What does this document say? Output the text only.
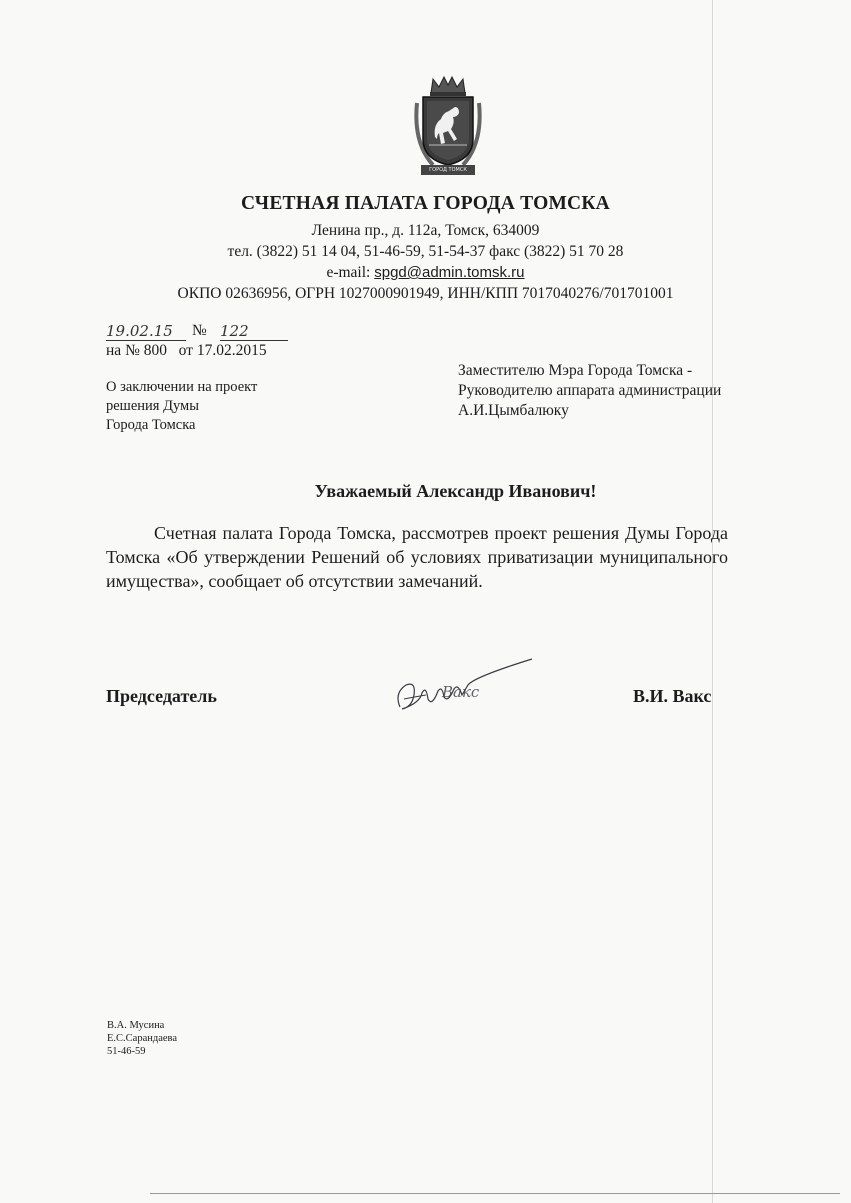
ГОРОД ТОМСК
СЧЕТНАЯ ПАЛАТА ГОРОДА ТОМСКА
Ленина пр., д. 112а, Томск, 634009
тел. (3822) 51 14 04, 51-46-59, 51-54-37 факс (3822) 51 70 28
e-mail: spgd@admin.tomsk.ru
ОКПО 02636956, ОГРН 1027000901949, ИНН/КПП 7017040276/701701001
19.02.15	№ 122
на № 800 от 17.02.2015
О заключении на проект
решения Думы
Города Томска
Заместителю Мэра Города Томска -
Руководителю аппарата администрации
А.И.Цымбалюку
Уважаемый Александр Иванович!
Счетная палата Города Томска, рассмотрев проект решения Думы Города Томска «Об утверждении Решений об условиях приватизации муниципального имущества», сообщает об отсутствии замечаний.
Председатель	Вакс	В.И. Вакс
В.А. Мусина
Е.С.Сарандаева
51-46-59
